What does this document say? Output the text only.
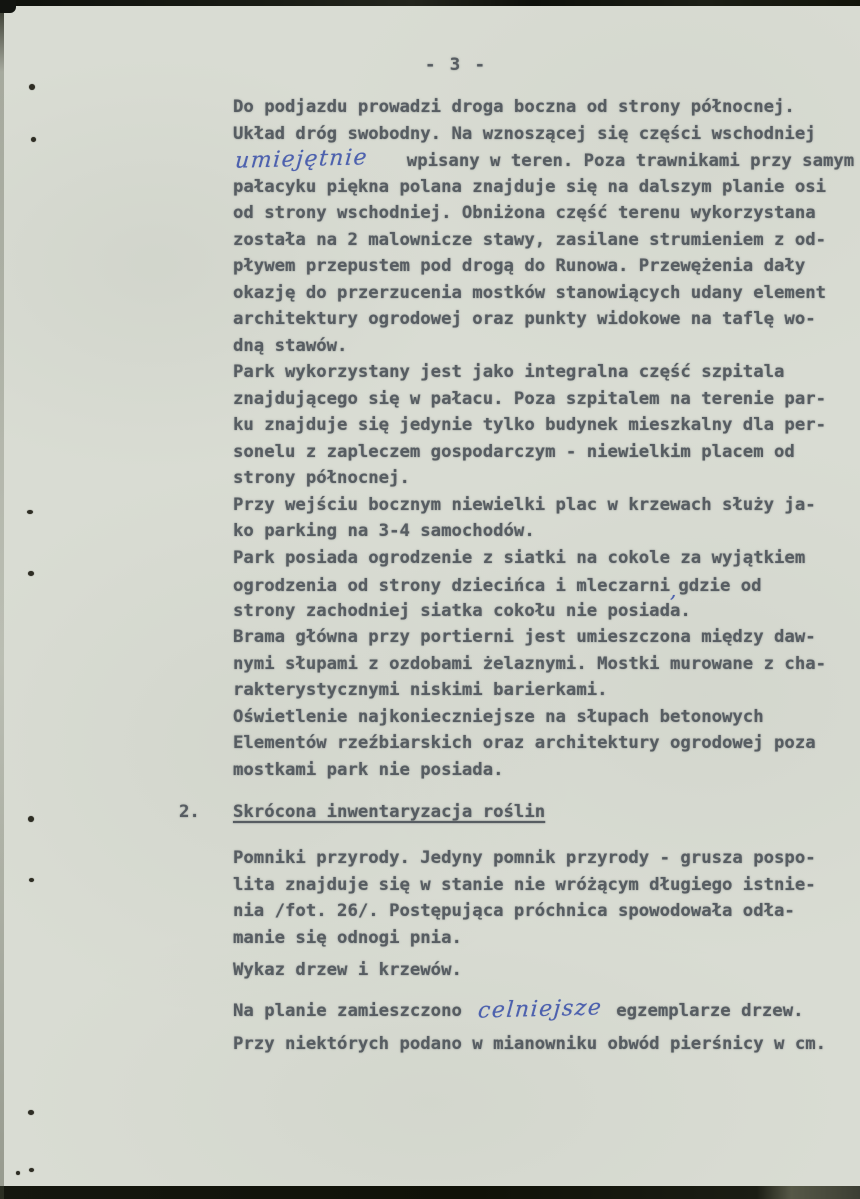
- 3 -
Do podjazdu prowadzi droga boczna od strony północnej.
Układ dróg swobodny. Na wznoszącej się części wschodniej
umiejętnie  wpisany w teren. Poza trawnikami przy samym
pałacyku piękna polana znajduje się na dalszym planie osi
od strony wschodniej. Obniżona część terenu wykorzystana
została na 2 malownicze stawy, zasilane strumieniem z od-
pływem przepustem pod drogą do Runowa. Przewężenia dały
okazję do przerzucenia mostków stanowiących udany element
architektury ogrodowej oraz punkty widokowe na taflę wo-
dną stawów.
Park wykorzystany jest jako integralna część szpitala
znajdującego się w pałacu. Poza szpitalem na terenie par-
ku znajduje się jedynie tylko budynek mieszkalny dla per-
sonelu z zapleczem gospodarczym - niewielkim placem od
strony północnej.
Przy wejściu bocznym niewielki plac w krzewach służy ja-
ko parking na 3-4 samochodów.
Park posiada ogrodzenie z siatki na cokole za wyjątkiem
ogrodzenia od strony dziecińca i mleczarni, gdzie od
strony zachodniej siatka cokołu nie posiada.
Brama główna przy portierni jest umieszczona między daw-
nymi słupami z ozdobami żelaznymi. Mostki murowane z cha-
rakterystycznymi niskimi barierkami.
Oświetlenie najkonieczniejsze na słupach betonowych
Elementów rzeźbiarskich oraz architektury ogrodowej poza
mostkami park nie posiada.
2. Skrócona inwentaryzacja roślin
Pomniki przyrody. Jedyny pomnik przyrody - grusza pospo-
lita znajduje się w stanie nie wróżącym długiego istnie-
nia /fot. 26/. Postępująca próchnica spowodowała odła-
manie się odnogi pnia.
Wykaz drzew i krzewów.
Na planie zamieszczono celniejsze egzemplarze drzew.
Przy niektórych podano w mianowniku obwód pierśnicy w cm.
